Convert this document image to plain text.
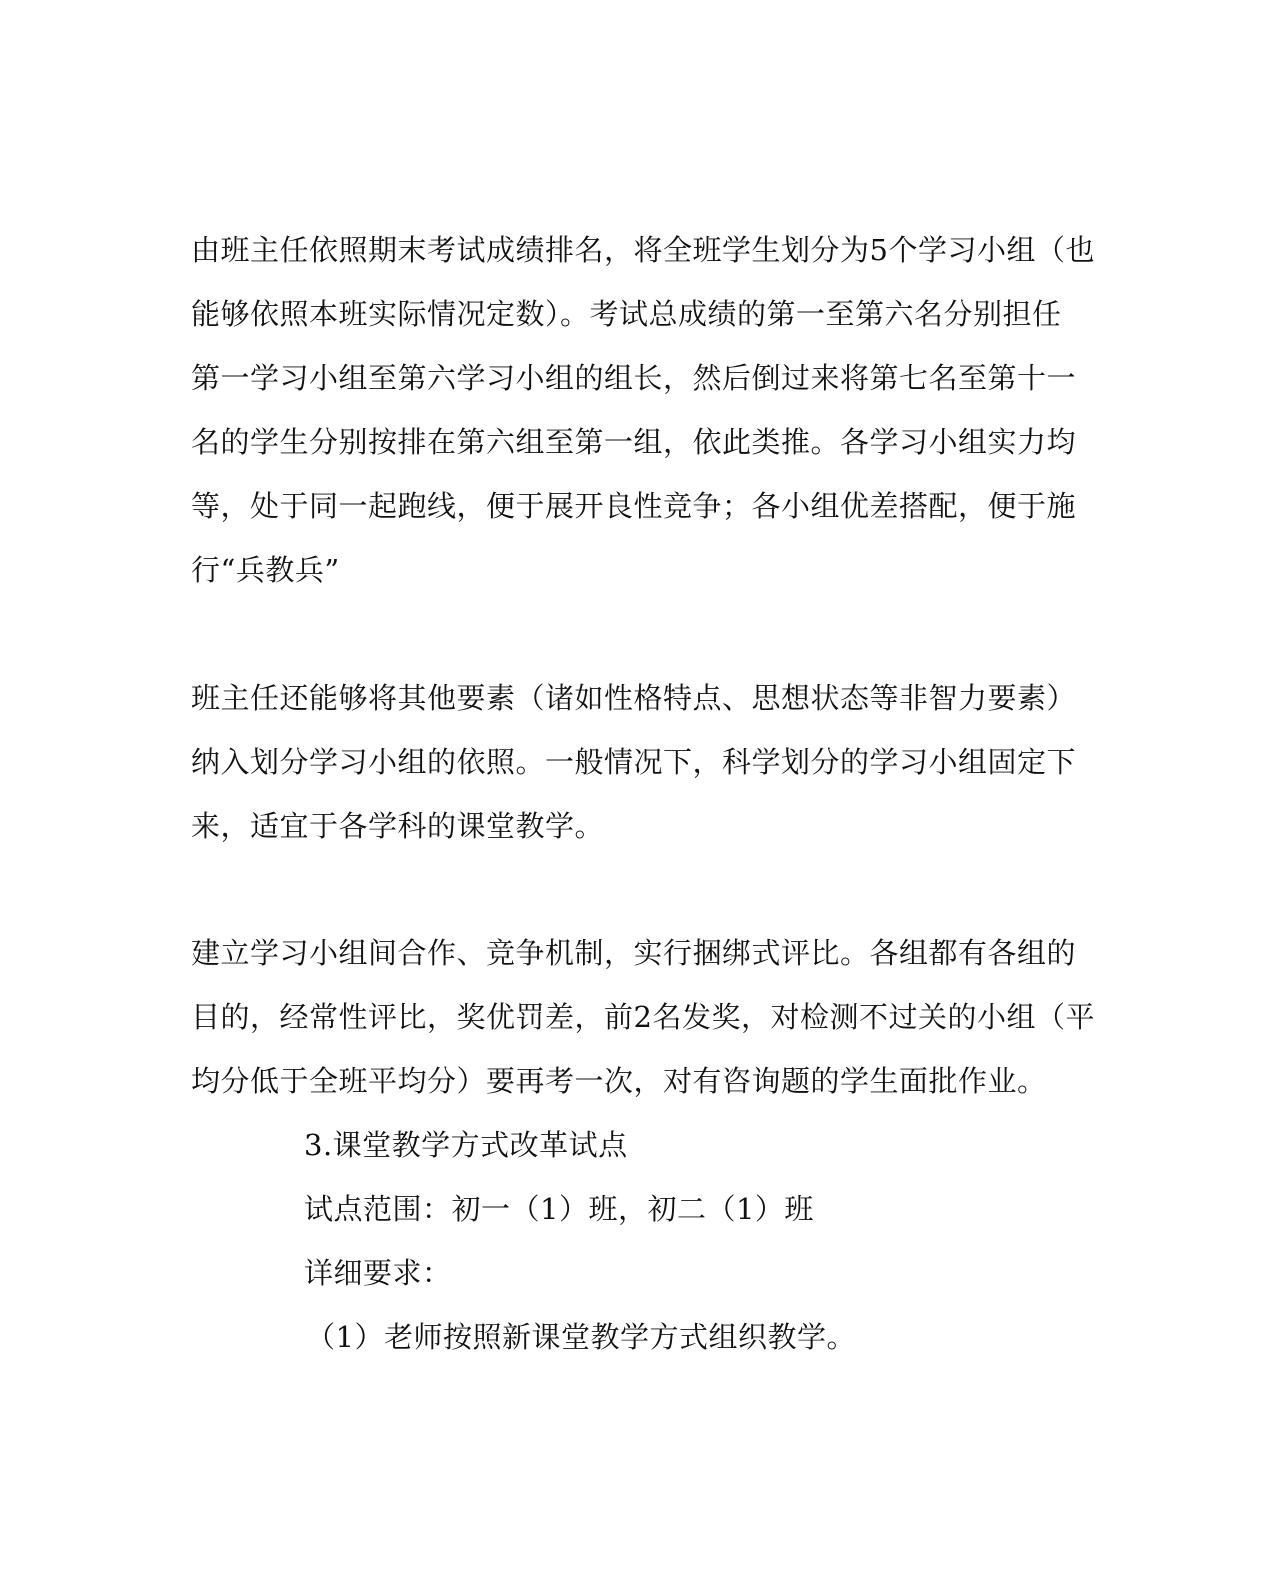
由班主任依照期末考试成绩排名，将全班学生划分为5个学习小组（也

能够依照本班实际情况定数）。考试总成绩的第一至第六名分别担任

第一学习小组至第六学习小组的组长，然后倒过来将第七名至第十一

名的学生分别按排在第六组至第一组，依此类推。各学习小组实力均

等，处于同一起跑线，便于展开良性竞争；各小组优差搭配，便于施

行“兵教兵”

班主任还能够将其他要素（诸如性格特点、思想状态等非智力要素）

纳入划分学习小组的依照。一般情况下，科学划分的学习小组固定下

来，适宜于各学科的课堂教学。

建立学习小组间合作、竞争机制，实行捆绑式评比。各组都有各组的

目的，经常性评比，奖优罚差，前2名发奖，对检测不过关的小组（平

均分低于全班平均分）要再考一次，对有咨询题的学生面批作业。

3.课堂教学方式改革试点

试点范围：初一（1）班，初二（1）班

详细要求：

（1）老师按照新课堂教学方式组织教学。
